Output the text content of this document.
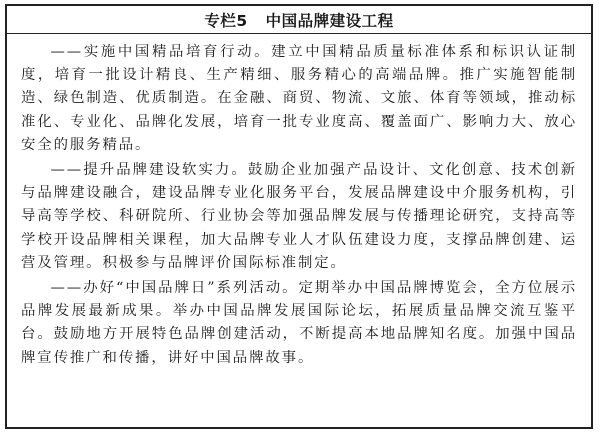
专栏5 中国品牌建设工程

——实施中国精品培育行动。建立中国精品质量标准体系和标识认证制度，培育一批设计精良、生产精细、服务精心的高端品牌。推广实施智能制造、绿色制造、优质制造。在金融、商贸、物流、文旅、体育等领域，推动标准化、专业化、品牌化发展，培育一批专业度高、覆盖面广、影响力大、放心安全的服务精品。

——提升品牌建设软实力。鼓励企业加强产品设计、文化创意、技术创新与品牌建设融合，建设品牌专业化服务平台，发展品牌建设中介服务机构，引导高等学校、科研院所、行业协会等加强品牌发展与传播理论研究，支持高等学校开设品牌相关课程，加大品牌专业人才队伍建设力度，支撑品牌创建、运营及管理。积极参与品牌评价国际标准制定。

——办好“中国品牌日”系列活动。定期举办中国品牌博览会，全方位展示品牌发展最新成果。举办中国品牌发展国际论坛，拓展质量品牌交流互鉴平台。鼓励地方开展特色品牌创建活动，不断提高本地品牌知名度。加强中国品牌宣传推广和传播，讲好中国品牌故事。
